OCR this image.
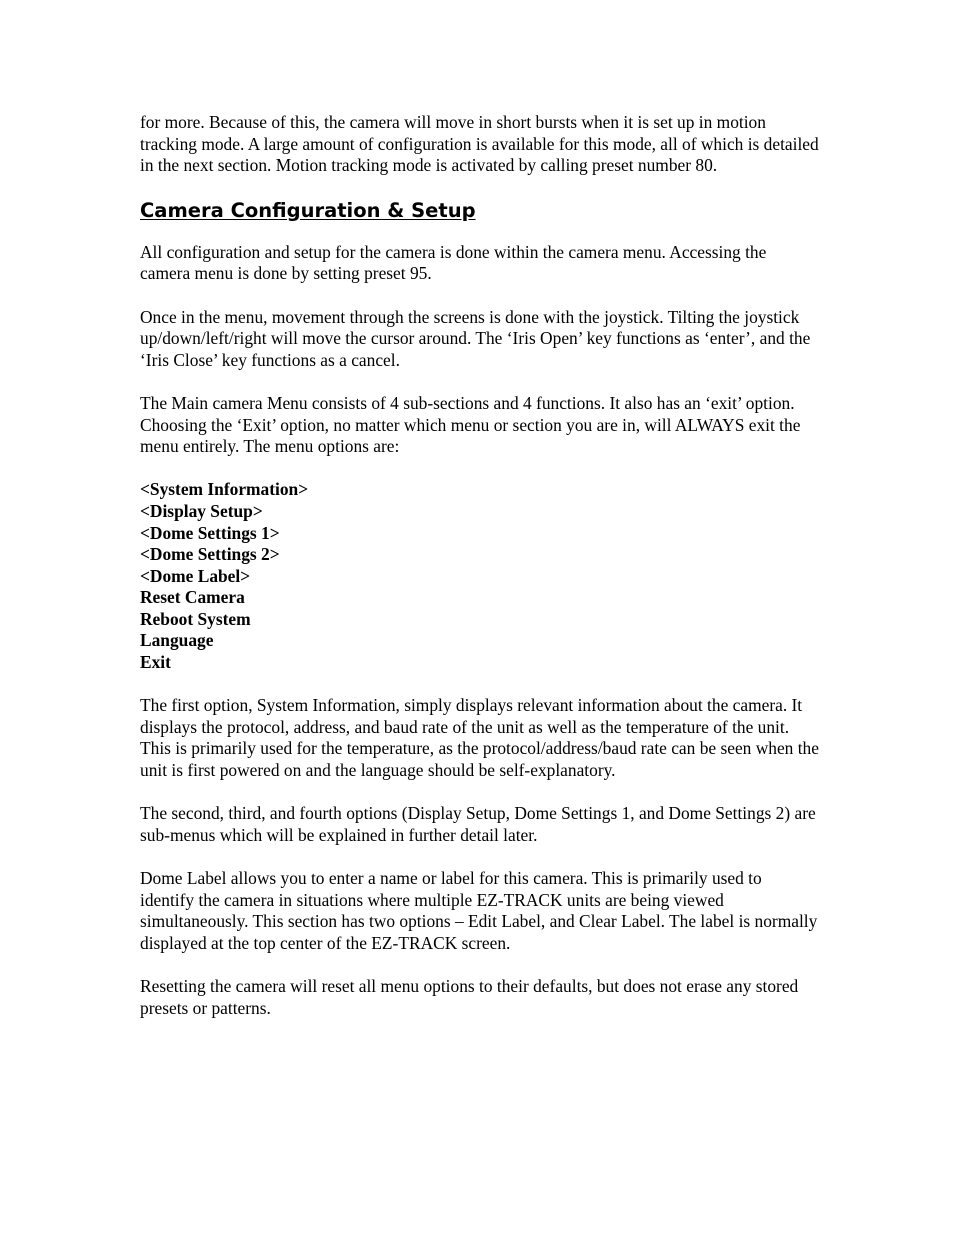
for more. Because of this, the camera will move in short bursts when it is set up in motion tracking mode. A large amount of configuration is available for this mode, all of which is detailed in the next section. Motion tracking mode is activated by calling preset number 80.

Camera Configuration & Setup

All configuration and setup for the camera is done within the camera menu. Accessing the camera menu is done by setting preset 95.

Once in the menu, movement through the screens is done with the joystick. Tilting the joystick up/down/left/right will move the cursor around. The ‘Iris Open’ key functions as ‘enter’, and the ‘Iris Close’ key functions as a cancel.

The Main camera Menu consists of 4 sub-sections and 4 functions. It also has an ‘exit’ option. Choosing the ‘Exit’ option, no matter which menu or section you are in, will ALWAYS exit the menu entirely. The menu options are:

<System Information>
<Display Setup>
<Dome Settings 1>
<Dome Settings 2>
<Dome Label>
Reset Camera
Reboot System
Language
Exit

The first option, System Information, simply displays relevant information about the camera. It displays the protocol, address, and baud rate of the unit as well as the temperature of the unit. This is primarily used for the temperature, as the protocol/address/baud rate can be seen when the unit is first powered on and the language should be self-explanatory.

The second, third, and fourth options (Display Setup, Dome Settings 1, and Dome Settings 2) are sub-menus which will be explained in further detail later.

Dome Label allows you to enter a name or label for this camera. This is primarily used to identify the camera in situations where multiple EZ-TRACK units are being viewed simultaneously. This section has two options – Edit Label, and Clear Label. The label is normally displayed at the top center of the EZ-TRACK screen.

Resetting the camera will reset all menu options to their defaults, but does not erase any stored presets or patterns.
